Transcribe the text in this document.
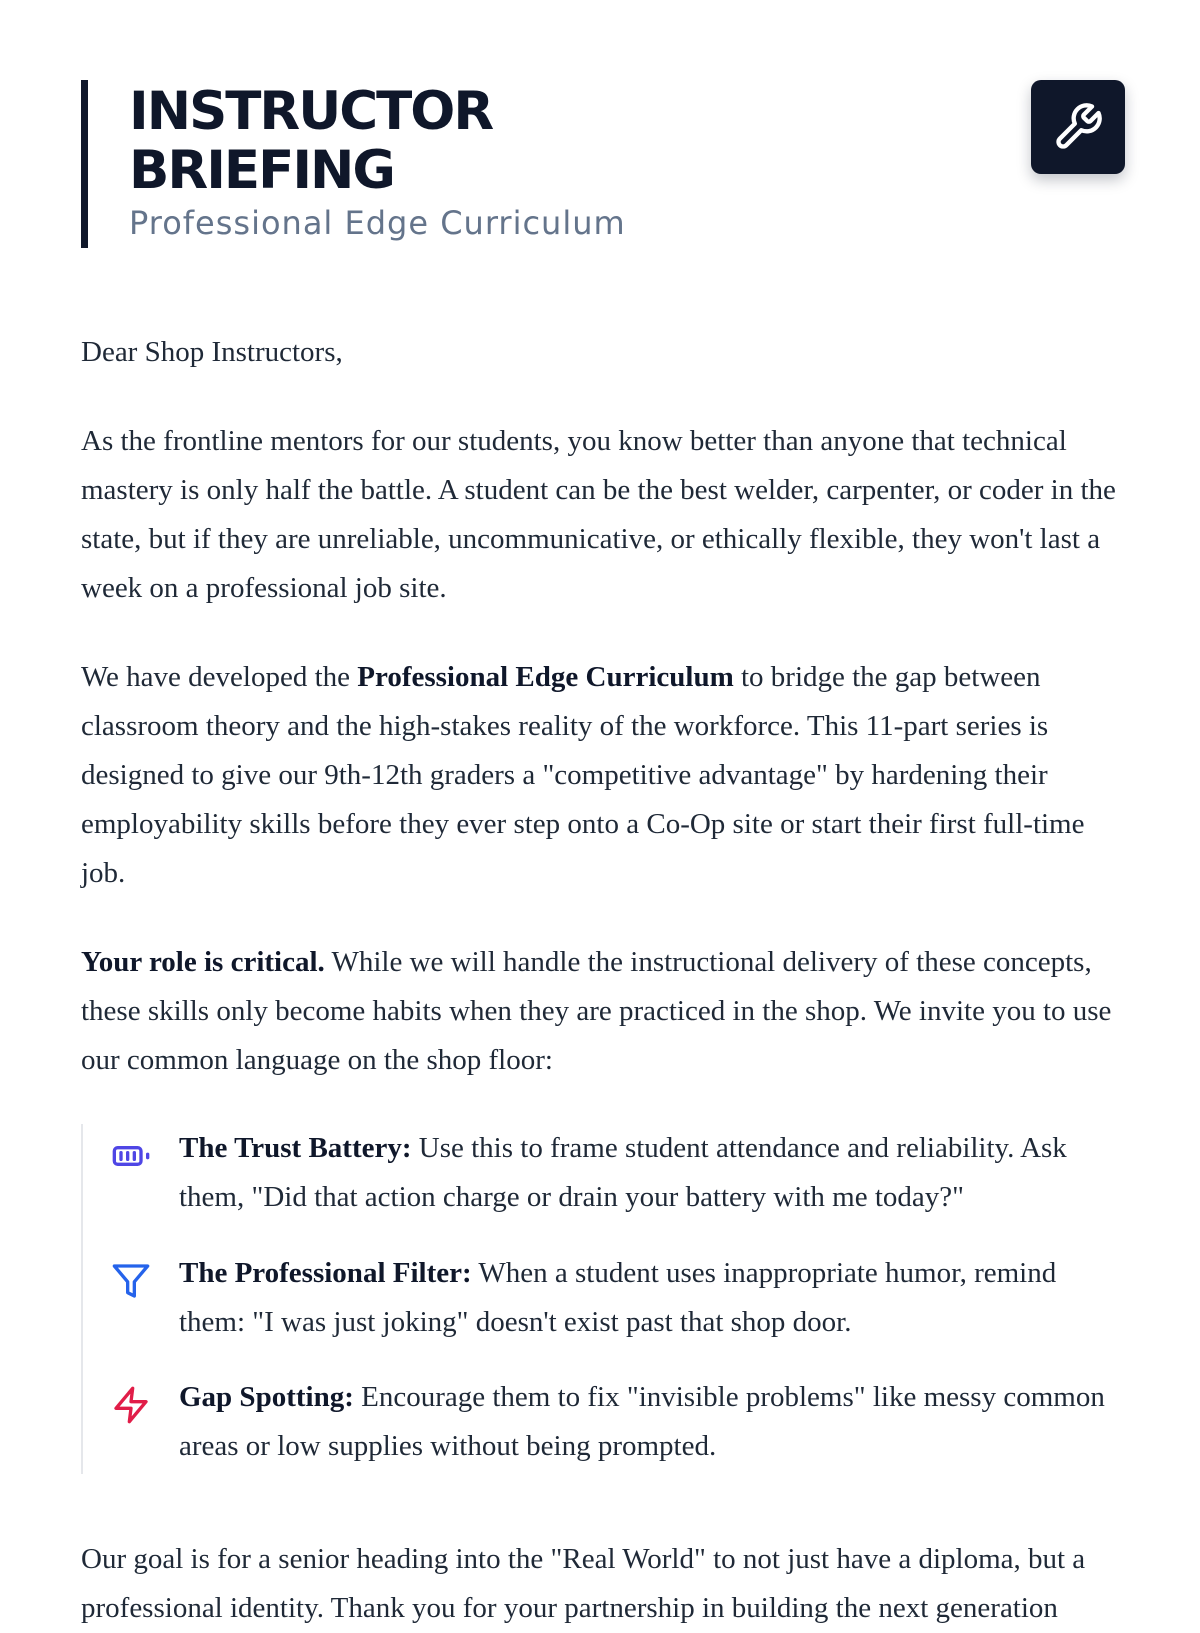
INSTRUCTOR
BRIEFING
Professional Edge Curriculum

Dear Shop Instructors,

As the frontline mentors for our students, you know better than anyone that technical mastery is only half the battle. A student can be the best welder, carpenter, or coder in the state, but if they are unreliable, uncommunicative, or ethically flexible, they won't last a week on a professional job site.

We have developed the Professional Edge Curriculum to bridge the gap between classroom theory and the high-stakes reality of the workforce. This 11-part series is designed to give our 9th-12th graders a "competitive advantage" by hardening their employability skills before they ever step onto a Co-Op site or start their first full-time job.

Your role is critical. While we will handle the instructional delivery of these concepts, these skills only become habits when they are practiced in the shop. We invite you to use our common language on the shop floor:

The Trust Battery: Use this to frame student attendance and reliability. Ask them, "Did that action charge or drain your battery with me today?"
The Professional Filter: When a student uses inappropriate humor, remind them: "I was just joking" doesn't exist past that shop door.
Gap Spotting: Encourage them to fix "invisible problems" like messy common areas or low supplies without being prompted.

Our goal is for a senior heading into the "Real World" to not just have a diploma, but a professional identity. Thank you for your partnership in building the next generation
